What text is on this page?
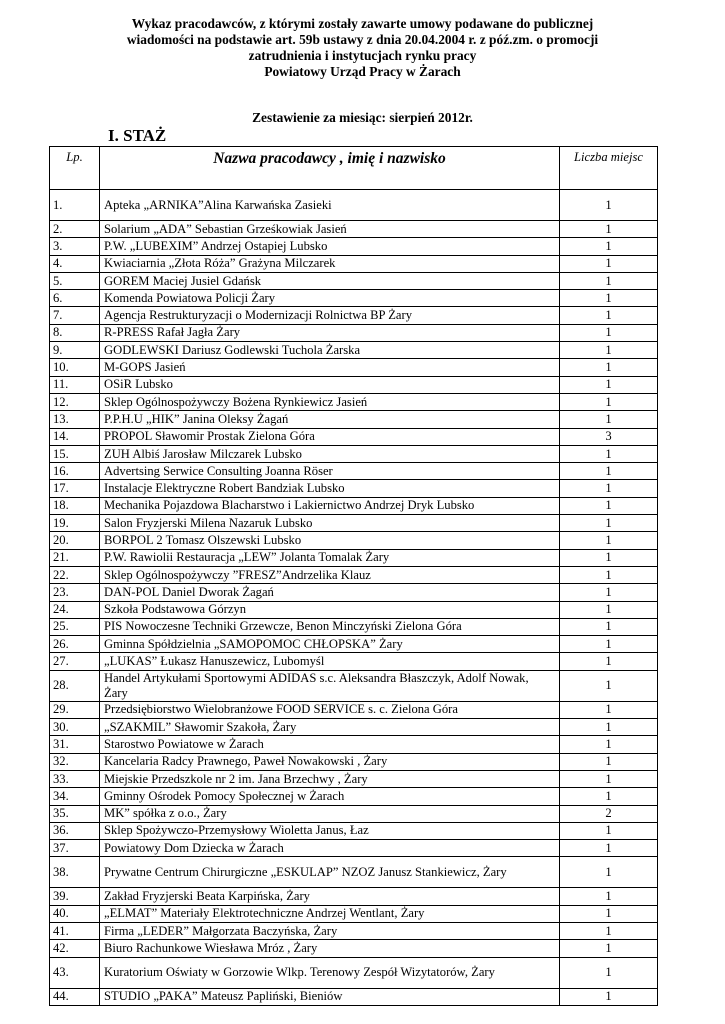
Wykaz pracodawców, z którymi zostały zawarte umowy podawane do publicznej
wiadomości na podstawie art. 59b ustawy z dnia 20.04.2004 r. z póź.zm. o promocji
zatrudnienia i instytucjach rynku pracy
Powiatowy Urząd Pracy w Żarach
Zestawienie za miesiąc: sierpień 2012r.
I. STAŻ
Lp.	Nazwa pracodawcy , imię i nazwisko	Liczba miejsc
1.	Apteka „ARNIKA”Alina Karwańska Zasieki	1
2.	Solarium „ADA” Sebastian Grześkowiak Jasień	1
3.	P.W. „LUBEXIM” Andrzej Ostapiej Lubsko	1
4.	Kwiaciarnia „Złota Róża” Grażyna Milczarek	1
5.	GOREM Maciej Jusiel Gdańsk	1
6.	Komenda Powiatowa Policji Żary	1
7.	Agencja Restrukturyzacji o Modernizacji Rolnictwa BP Żary	1
8.	R-PRESS Rafał Jagła Żary	1
9.	GODLEWSKI Dariusz Godlewski Tuchola Żarska	1
10.	M-GOPS Jasień	1
11.	OSiR Lubsko	1
12.	Sklep Ogólnospożywczy Bożena Rynkiewicz Jasień	1
13.	P.P.H.U „HIK” Janina Oleksy Żagań	1
14.	PROPOL Sławomir Prostak Zielona Góra	3
15.	ZUH Albiś Jarosław Milczarek Lubsko	1
16.	Advertsing Serwice Consulting Joanna Röser	1
17.	Instalacje Elektryczne Robert Bandziak Lubsko	1
18.	Mechanika Pojazdowa Blacharstwo i Lakiernictwo Andrzej Dryk Lubsko	1
19.	Salon Fryzjerski Milena Nazaruk Lubsko	1
20.	BORPOL 2 Tomasz Olszewski Lubsko	1
21.	P.W. Rawiolii Restauracja „LEW” Jolanta Tomalak Żary	1
22.	Sklep Ogólnospożywczy ”FRESZ”Andrzelika Klauz	1
23.	DAN-POL Daniel Dworak Żagań	1
24.	Szkoła Podstawowa Górzyn	1
25.	PIS Nowoczesne Techniki Grzewcze, Benon Minczyński Zielona Góra	1
26.	Gminna Spółdzielnia „SAMOPOMOC CHŁOPSKA” Żary	1
27.	„LUKAS” Łukasz Hanuszewicz, Lubomyśl	1
28.	Handel Artykułami Sportowymi ADIDAS s.c. Aleksandra Błaszczyk, Adolf Nowak, Żary	1
29.	Przedsiębiorstwo Wielobranżowe FOOD SERVICE s. c. Zielona Góra	1
30.	„SZAKMIL” Sławomir Szakoła, Żary	1
31.	Starostwo Powiatowe w Żarach	1
32.	Kancelaria Radcy Prawnego, Paweł Nowakowski , Żary	1
33.	Miejskie Przedszkole nr 2 im. Jana Brzechwy , Żary	1
34.	Gminny Ośrodek Pomocy Społecznej w Żarach	1
35.	MK” spółka z o.o., Żary	2
36.	Sklep Spożywczo-Przemysłowy Wioletta Janus, Łaz	1
37.	Powiatowy Dom Dziecka w Żarach	1
38.	Prywatne Centrum Chirurgiczne „ESKULAP” NZOZ Janusz Stankiewicz, Żary	1
39.	Zakład Fryzjerski Beata Karpińska, Żary	1
40.	„ELMAT” Materiały Elektrotechniczne Andrzej Wentlant, Żary	1
41.	Firma „LEDER” Małgorzata Baczyńska, Żary	1
42.	Biuro Rachunkowe Wiesława Mróz , Żary	1
43.	Kuratorium Oświaty w Gorzowie Wlkp. Terenowy Zespół Wizytatorów, Żary	1
44.	STUDIO „PAKA” Mateusz Papliński, Bieniów	1
